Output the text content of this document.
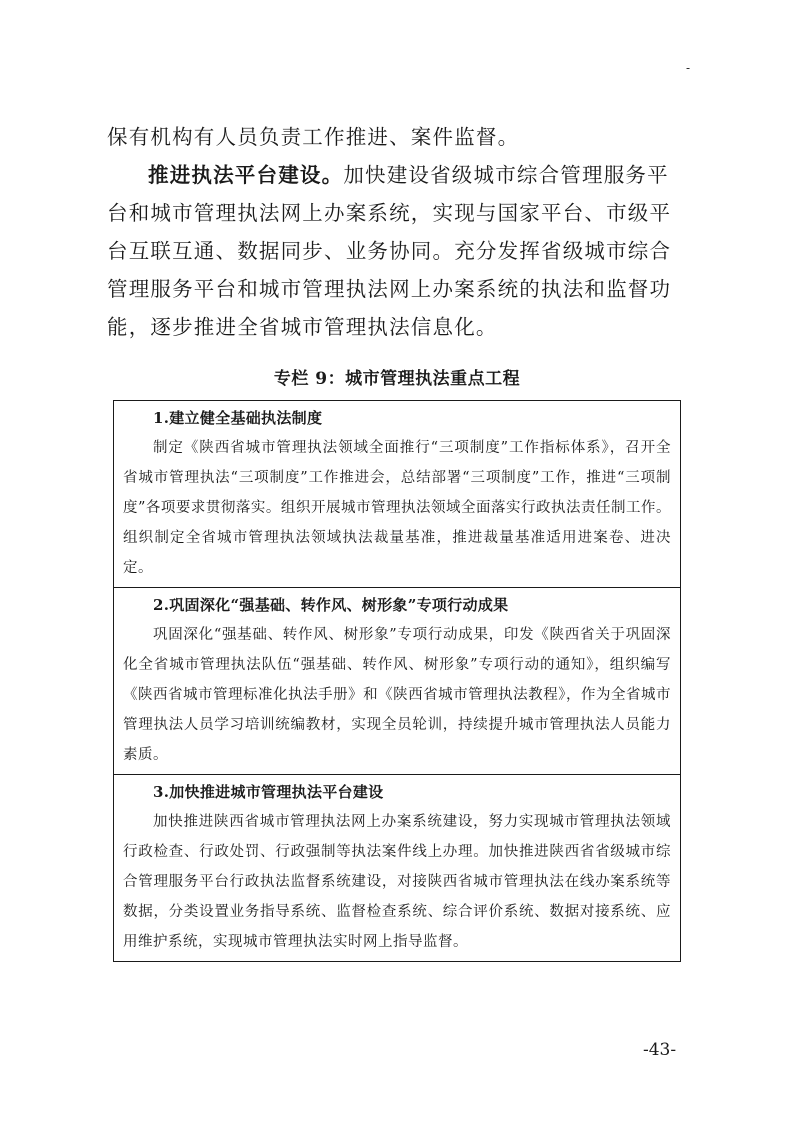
-

保有机构有人员负责工作推进、案件监督。

推进执法平台建设。加快建设省级城市综合管理服务平台和城市管理执法网上办案系统，实现与国家平台、市级平台互联互通、数据同步、业务协同。充分发挥省级城市综合管理服务平台和城市管理执法网上办案系统的执法和监督功能，逐步推进全省城市管理执法信息化。

专栏 9：城市管理执法重点工程
1.建立健全基础执法制度

制定《陕西省城市管理执法领域全面推行“三项制度”工作指标体系》，召开全省城市管理执法“三项制度”工作推进会，总结部署“三项制度”工作，推进“三项制度”各项要求贯彻落实。组织开展城市管理执法领域全面落实行政执法责任制工作。组织制定全省城市管理执法领域执法裁量基准，推进裁量基准适用进案卷、进决定。

2.巩固深化“强基础、转作风、树形象”专项行动成果

巩固深化“强基础、转作风、树形象”专项行动成果，印发《陕西省关于巩固深化全省城市管理执法队伍“强基础、转作风、树形象”专项行动的通知》，组织编写《陕西省城市管理标准化执法手册》和《陕西省城市管理执法教程》，作为全省城市管理执法人员学习培训统编教材，实现全员轮训，持续提升城市管理执法人员能力素质。

3.加快推进城市管理执法平台建设

加快推进陕西省城市管理执法网上办案系统建设，努力实现城市管理执法领域行政检查、行政处罚、行政强制等执法案件线上办理。加快推进陕西省省级城市综合管理服务平台行政执法监督系统建设，对接陕西省城市管理执法在线办案系统等数据，分类设置业务指导系统、监督检查系统、综合评价系统、数据对接系统、应用维护系统，实现城市管理执法实时网上指导监督。

-43-
